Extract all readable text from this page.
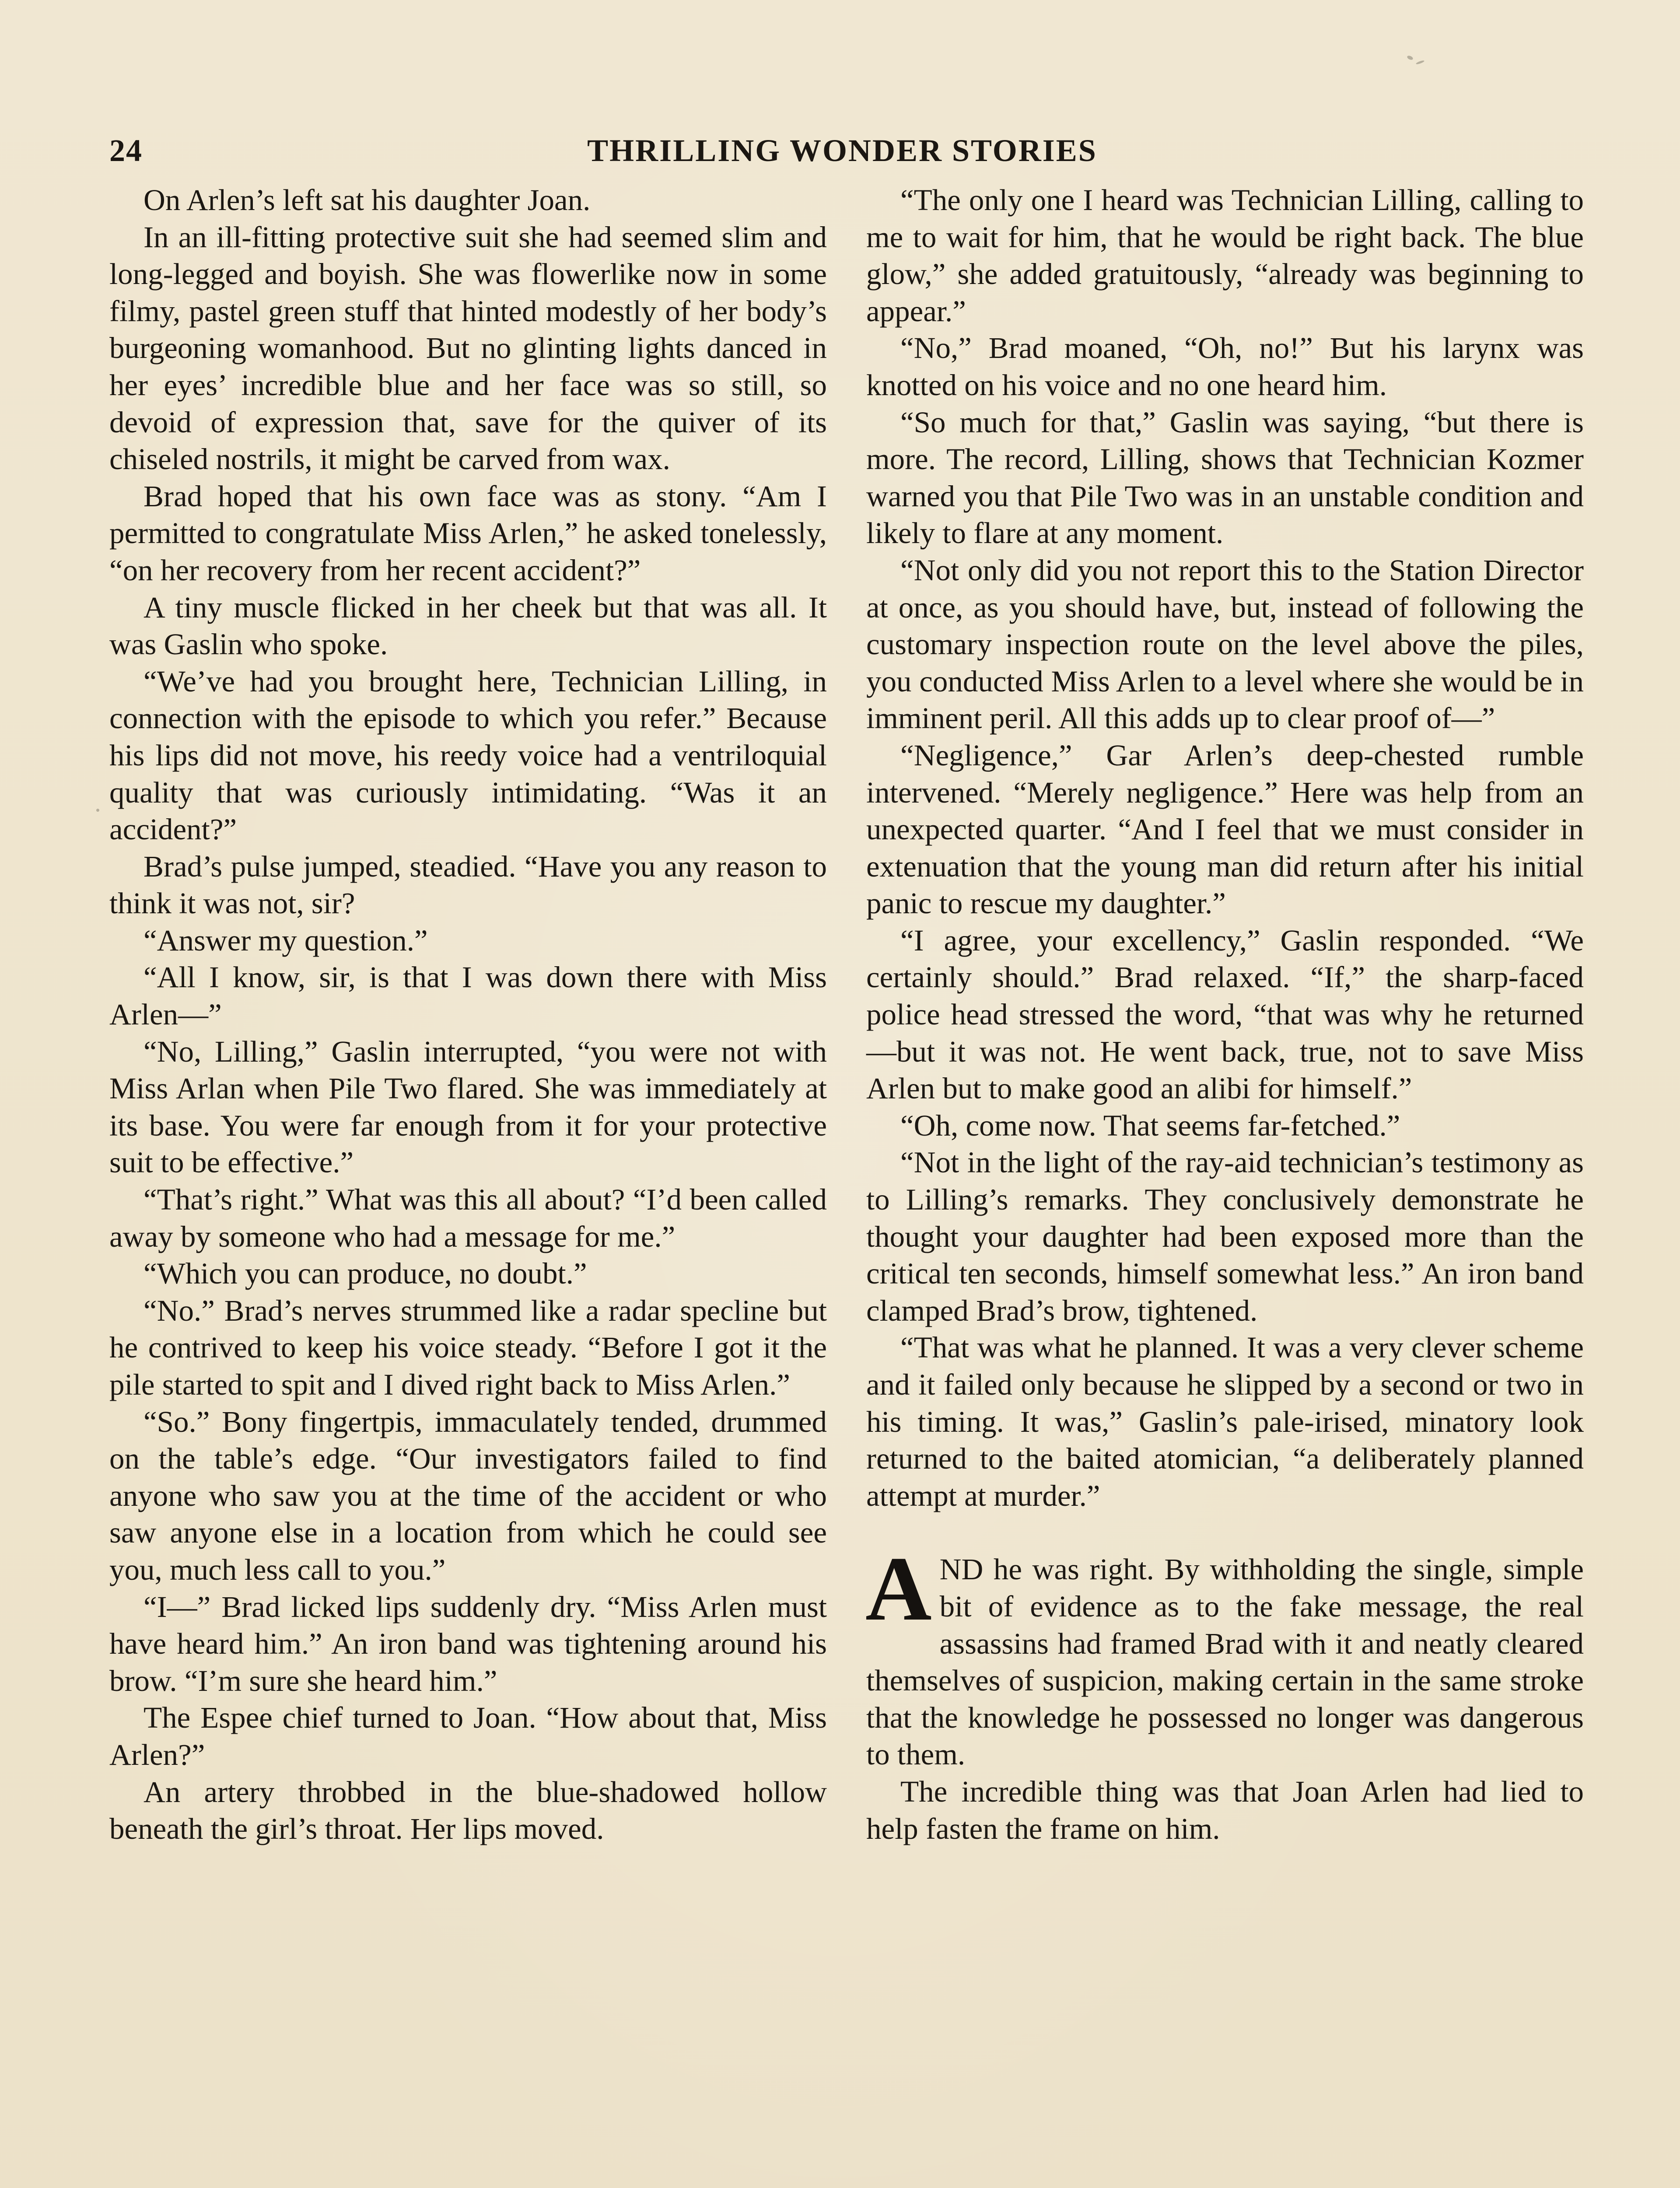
24	THRILLING WONDER STORIES

On Arlen’s left sat his daughter Joan.

In an ill-fitting protective suit she had seemed slim and long-legged and boyish. She was flowerlike now in some filmy, pastel green stuff that hinted modestly of her body’s burgeoning womanhood. But no glinting lights danced in her eyes’ incredible blue and her face was so still, so devoid of expression that, save for the quiver of its chiseled nostrils, it might be carved from wax.

Brad hoped that his own face was as stony. “Am I permitted to congratulate Miss Arlen,” he asked tonelessly, “on her recovery from her recent accident?”

A tiny muscle flicked in her cheek but that was all. It was Gaslin who spoke.

“We’ve had you brought here, Technician Lilling, in connection with the episode to which you refer.” Because his lips did not move, his reedy voice had a ventriloquial quality that was curiously intimidating. “Was it an accident?”

Brad’s pulse jumped, steadied. “Have you any reason to think it was not, sir?

“Answer my question.”

“All I know, sir, is that I was down there with Miss Arlen—”

“No, Lilling,” Gaslin interrupted, “you were not with Miss Arlan when Pile Two flared. She was immediately at its base. You were far enough from it for your protective suit to be effective.”

“That’s right.” What was this all about? “I’d been called away by someone who had a message for me.”

“Which you can produce, no doubt.”

“No.” Brad’s nerves strummed like a radar specline but he contrived to keep his voice steady. “Before I got it the pile started to spit and I dived right back to Miss Arlen.”

“So.” Bony fingertpis, immaculately tended, drummed on the table’s edge. “Our investigators failed to find anyone who saw you at the time of the accident or who saw anyone else in a location from which he could see you, much less call to you.”

“I—” Brad licked lips suddenly dry. “Miss Arlen must have heard him.” An iron band was tightening around his brow. “I’m sure she heard him.”

The Espee chief turned to Joan. “How about that, Miss Arlen?”

An artery throbbed in the blue-shadowed hollow beneath the girl’s throat. Her lips moved.

“The only one I heard was Technician Lilling, calling to me to wait for him, that he would be right back. The blue glow,” she added gratuitously, “already was beginning to appear.”

“No,” Brad moaned, “Oh, no!” But his larynx was knotted on his voice and no one heard him.

“So much for that,” Gaslin was saying, “but there is more. The record, Lilling, shows that Technician Kozmer warned you that Pile Two was in an unstable condition and likely to flare at any moment.

“Not only did you not report this to the Station Director at once, as you should have, but, instead of following the customary inspection route on the level above the piles, you conducted Miss Arlen to a level where she would be in imminent peril. All this adds up to clear proof of—”

“Negligence,” Gar Arlen’s deep-chested rumble intervened. “Merely negligence.” Here was help from an unexpected quarter. “And I feel that we must consider in extenuation that the young man did return after his initial panic to rescue my daughter.”

“I agree, your excellency,” Gaslin responded. “We certainly should.” Brad relaxed. “If,” the sharp-faced police head stressed the word, “that was why he returned—but it was not. He went back, true, not to save Miss Arlen but to make good an alibi for himself.”

“Oh, come now. That seems far-fetched.”

“Not in the light of the ray-aid technician’s testimony as to Lilling’s remarks. They conclusively demonstrate he thought your daughter had been exposed more than the critical ten seconds, himself somewhat less.” An iron band clamped Brad’s brow, tightened.

“That was what he planned. It was a very clever scheme and it failed only because he slipped by a second or two in his timing. It was,” Gaslin’s pale-irised, minatory look returned to the baited atomician, “a deliberately planned attempt at murder.”

AND he was right. By withholding the single, simple bit of evidence as to the fake message, the real assassins had framed Brad with it and neatly cleared themselves of suspicion, making certain in the same stroke that the knowledge he possessed no longer was dangerous to them.

The incredible thing was that Joan Arlen had lied to help fasten the frame on him.
